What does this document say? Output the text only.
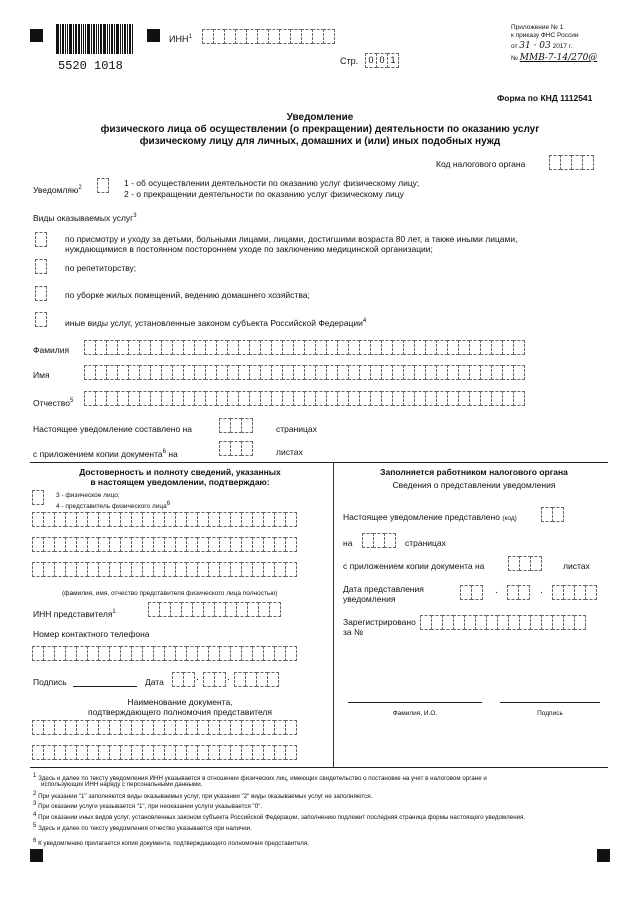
5520 1018
ИНН$^1$
Стр.	0 0 1
Приложение № 1
к приказу ФНС России
от 31 · 03 2017 г.
№ ММВ-7-14/270@
Форма по КНД 1112541
Уведомление
физического лица об осуществлении (о прекращении) деятельности по оказанию услуг
физическому лицу для личных, домашних и (или) иных подобных нужд
Код налогового органа
Уведомляю$^2$	1 - об осуществлении деятельности по оказанию услуг физическому лицу;
2 - о прекращении деятельности по оказанию услуг физическому лицу
Виды оказываемых услуг$^3$
по присмотру и уходу за детьми, больными лицами, лицами, достигшими возраста 80 лет, а также иными лицами,
нуждающимися в постоянном постороннем уходе по заключению медицинской организации;
по репетиторству;
по уборке жилых помещений, ведению домашнего хозяйства;
иные виды услуг, установленные законом субъекта Российской Федерации$^4$
Фамилия
Имя
Отчество$^5$
Настоящее уведомление составлено на	страницах
с приложением копии документа$^6$ на	листах
Достоверность и полноту сведений, указанных
в настоящем уведомлении, подтверждаю:
3 - физическое лицо;
4 - представитель физического лица$^6$
(фамилия, имя, отчество представителя физического лица полностью)
ИНН представителя$^1$
Номер контактного телефона
Подпись	Дата	.	.
Наименование документа,
подтверждающего полномочия представителя
Заполняется работником налогового органа
Сведения о представлении уведомления
Настоящее уведомление представлено (код)
на	страницах
с приложением копии документа на	листах
Дата представления
уведомления
.	.
Зарегистрировано
за №
Фамилия, И.О.	Подпись
$^1$ Здесь и далее по тексту уведомления ИНН указывается в отношении физических лиц, имеющих свидетельство о постановке на учет в налоговом органе и
использующих ИНН наряду с персональными данными.
$^2$ При указании "1" заполняются виды оказываемых услуг, при указании "2" виды оказываемых услуг не заполняются.
$^3$ При оказании услуги указывается "1", при неоказании услуги указывается "0".
$^4$ При оказании иных видов услуг, установленных законом субъекта Российской Федерации, заполнению подлежит последняя страница формы настоящего уведомления.
$^5$ Здесь и далее по тексту уведомления отчество указывается при наличии.
$^6$ К уведомлению прилагается копия документа, подтверждающего полномочия представителя.
